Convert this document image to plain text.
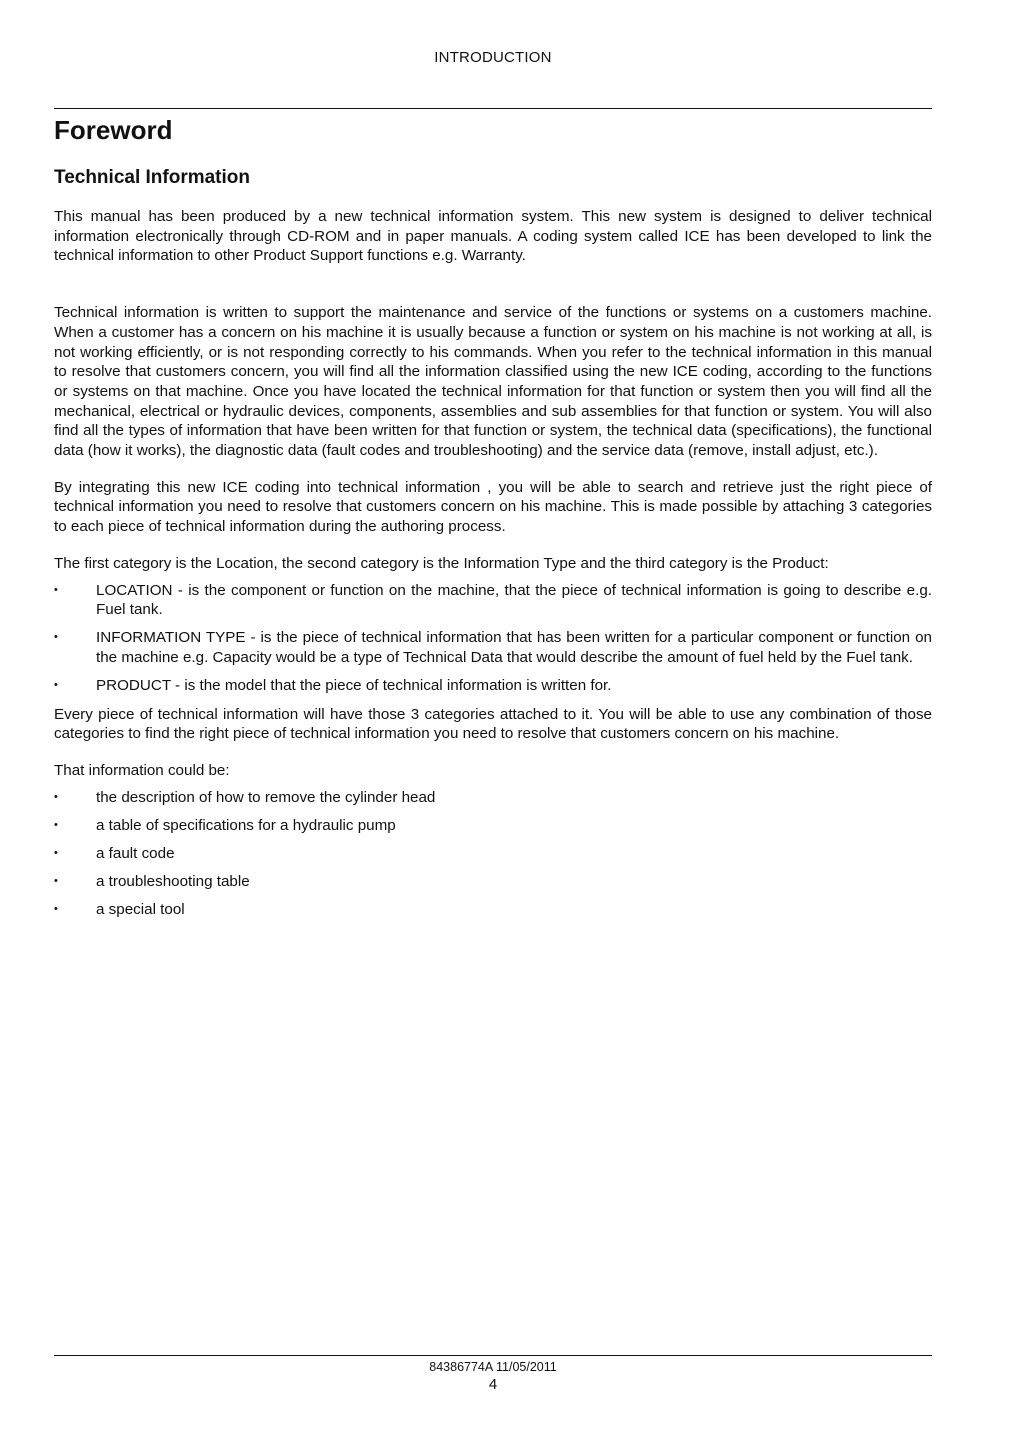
INTRODUCTION
Foreword
Technical Information

This manual has been produced by a new technical information system. This new system is designed to deliver technical information electronically through CD-ROM and in paper manuals. A coding system called ICE has been developed to link the technical information to other Product Support functions e.g. Warranty.

Technical information is written to support the maintenance and service of the functions or systems on a customers machine. When a customer has a concern on his machine it is usually because a function or system on his machine is not working at all, is not working efficiently, or is not responding correctly to his commands. When you refer to the technical information in this manual to resolve that customers concern, you will find all the information classified using the new ICE coding, according to the functions or systems on that machine. Once you have located the technical information for that function or system then you will find all the mechanical, electrical or hydraulic devices, components, assemblies and sub assemblies for that function or system. You will also find all the types of information that have been written for that function or system, the technical data (specifications), the functional data (how it works), the diagnostic data (fault codes and troubleshooting) and the service data (remove, install adjust, etc.).

By integrating this new ICE coding into technical information , you will be able to search and retrieve just the right piece of technical information you need to resolve that customers concern on his machine. This is made possible by attaching 3 categories to each piece of technical information during the authoring process.

The first category is the Location, the second category is the Information Type and the third category is the Product:

•	LOCATION - is the component or function on the machine, that the piece of technical information is going to describe e.g. Fuel tank.
•	INFORMATION TYPE - is the piece of technical information that has been written for a particular component or function on the machine e.g. Capacity would be a type of Technical Data that would describe the amount of fuel held by the Fuel tank.
•	PRODUCT - is the model that the piece of technical information is written for.

Every piece of technical information will have those 3 categories attached to it. You will be able to use any combination of those categories to find the right piece of technical information you need to resolve that customers concern on his machine.

That information could be:

•	the description of how to remove the cylinder head
•	a table of specifications for a hydraulic pump
•	a fault code
•	a troubleshooting table
•	a special tool
84386774A 11/05/2011
4
